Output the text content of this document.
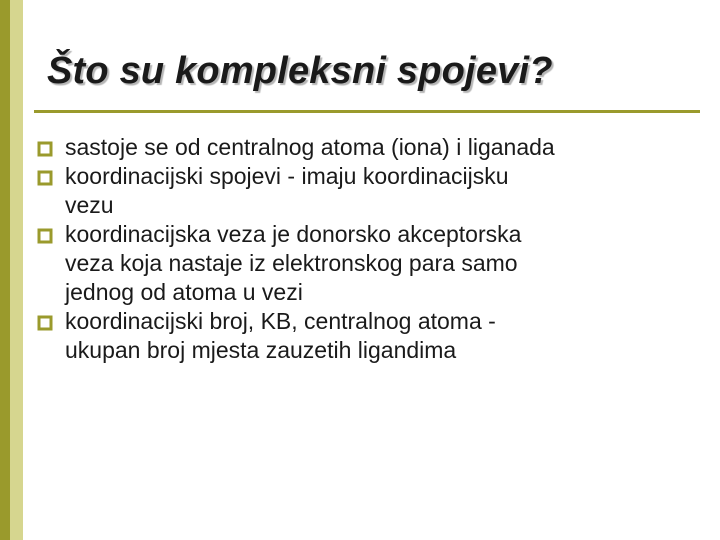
Što su kompleksni spojevi?
sastoje se od centralnog atoma (iona) i liganada
koordinacijski spojevi - imaju koordinacijsku
vezu
koordinacijska veza je donorsko akceptorska
veza koja nastaje iz elektronskog para samo
jednog od atoma u vezi
koordinacijski broj, KB, centralnog atoma -
ukupan broj mjesta zauzetih ligandima
